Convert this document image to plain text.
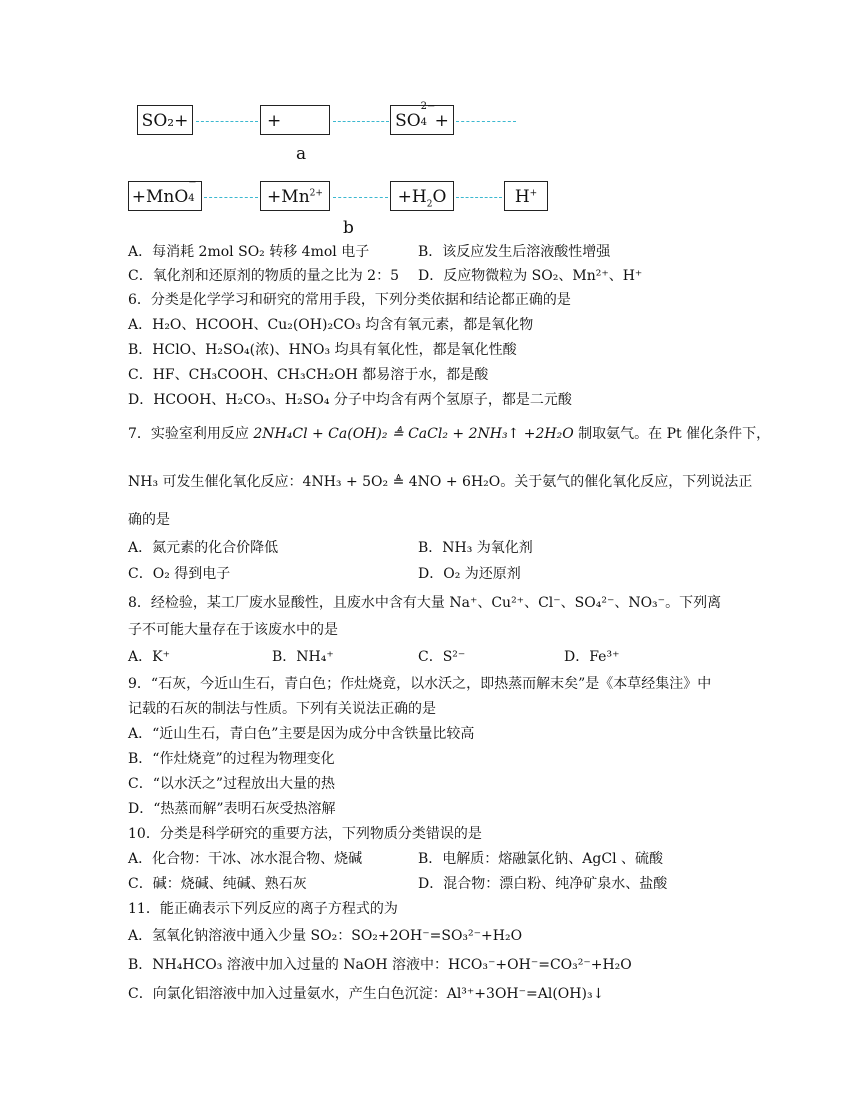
SO₂+	+	SO
2−
4 +
a
+MnO
−
4	$+Mn^{2+}$	$+H_2O$	H+
b
A．每消耗 2mol SO₂ 转移 4mol 电子	B．该反应发生后溶液酸性增强
C．氧化剂和还原剂的物质的量之比为 2：5 D．反应物微粒为 SO₂、Mn²⁺、H⁺
6．分类是化学学习和研究的常用手段，下列分类依据和结论都正确的是
A．H₂O、HCOOH、Cu₂(OH)₂CO₃ 均含有氧元素，都是氧化物
B．HClO、H₂SO₄(浓)、HNO₃ 均具有氧化性，都是氧化性酸
C．HF、CH₃COOH、CH₃CH₂OH 都易溶于水，都是酸
D．HCOOH、H₂CO₃、H₂SO₄ 分子中均含有两个氢原子，都是二元酸
7．实验室利用反应 2NH₄Cl + Ca(OH)₂ ≜ CaCl₂ + 2NH₃↑ +2H₂O 制取氨气。在 Pt 催化条件下，
NH₃ 可发生催化氧化反应：4NH₃ + 5O₂ ≜ 4NO + 6H₂O。关于氨气的催化氧化反应，下列说法正
确的是
A．氮元素的化合价降低	B．NH₃ 为氧化剂
C．O₂ 得到电子	D．O₂ 为还原剂
8．经检验，某工厂废水显酸性，且废水中含有大量 Na⁺、Cu²⁺、Cl⁻、SO₄²⁻、NO₃⁻。下列离
子不可能大量存在于该废水中的是
A．K⁺	B．NH₄⁺	C．S²⁻	D．Fe³⁺
9．“石灰，今近山生石，青白色；作灶烧竟，以水沃之，即热蒸而解末矣”是《本草经集注》中
记载的石灰的制法与性质。下列有关说法正确的是
A．“近山生石，青白色”主要是因为成分中含铁量比较高
B．“作灶烧竟”的过程为物理变化
C．“以水沃之”过程放出大量的热
D．“热蒸而解”表明石灰受热溶解
10．分类是科学研究的重要方法，下列物质分类错误的是
A．化合物：干冰、冰水混合物、烧碱	B．电解质：熔融氯化钠、AgCl 、硫酸
C．碱：烧碱、纯碱、熟石灰	D．混合物：漂白粉、纯净矿泉水、盐酸
11．能正确表示下列反应的离子方程式的为
A．氢氧化钠溶液中通入少量 SO₂：SO₂+2OH⁻=SO₃²⁻+H₂O
B．NH₄HCO₃ 溶液中加入过量的 NaOH 溶液中：HCO₃⁻+OH⁻=CO₃²⁻+H₂O
C．向氯化铝溶液中加入过量氨水，产生白色沉淀：Al³⁺+3OH⁻=Al(OH)₃↓
